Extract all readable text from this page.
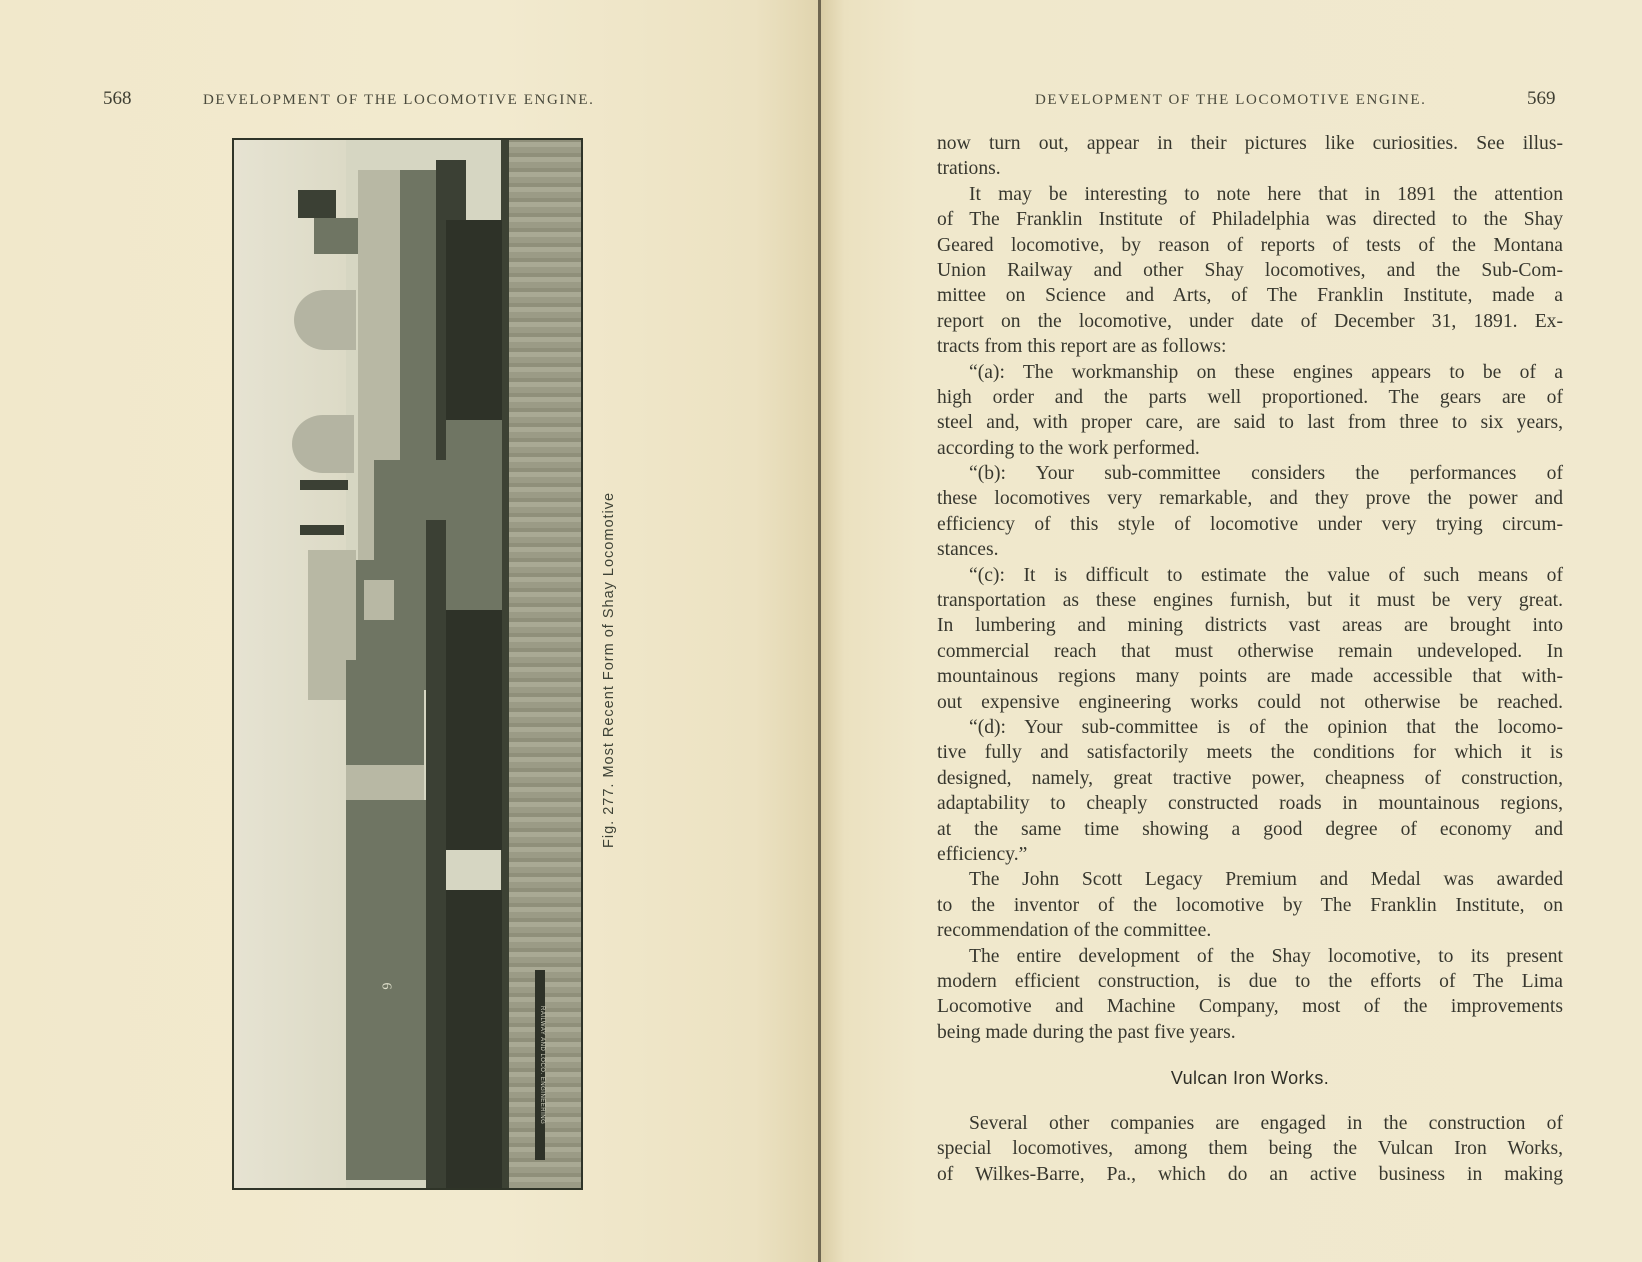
568	DEVELOPMENT OF THE LOCOMOTIVE ENGINE.
6
RAILWAY AND LOCO. ENGINEERING
Fig. 277. Most Recent Form of Shay Locomotive
DEVELOPMENT OF THE LOCOMOTIVE ENGINE.	569
now turn out, appear in their pictures like curiosities. See illus-
trations.
It may be interesting to note here that in 1891 the attention
of The Franklin Institute of Philadelphia was directed to the Shay
Geared locomotive, by reason of reports of tests of the Montana
Union Railway and other Shay locomotives, and the Sub-Com-
mittee on Science and Arts, of The Franklin Institute, made a
report on the locomotive, under date of December 31, 1891. Ex-
tracts from this report are as follows:
“(a): The workmanship on these engines appears to be of a
high order and the parts well proportioned. The gears are of
steel and, with proper care, are said to last from three to six years,
according to the work performed.
“(b): Your sub-committee considers the performances of
these locomotives very remarkable, and they prove the power and
efficiency of this style of locomotive under very trying circum-
stances.
“(c): It is difficult to estimate the value of such means of
transportation as these engines furnish, but it must be very great.
In lumbering and mining districts vast areas are brought into
commercial reach that must otherwise remain undeveloped. In
mountainous regions many points are made accessible that with-
out expensive engineering works could not otherwise be reached.
“(d): Your sub-committee is of the opinion that the locomo-
tive fully and satisfactorily meets the conditions for which it is
designed, namely, great tractive power, cheapness of construction,
adaptability to cheaply constructed roads in mountainous regions,
at the same time showing a good degree of economy and
efficiency.”
The John Scott Legacy Premium and Medal was awarded
to the inventor of the locomotive by The Franklin Institute, on
recommendation of the committee.
The entire development of the Shay locomotive, to its present
modern efficient construction, is due to the efforts of The Lima
Locomotive and Machine Company, most of the improvements
being made during the past five years.
Vulcan Iron Works.
Several other companies are engaged in the construction of
special locomotives, among them being the Vulcan Iron Works,
of Wilkes-Barre, Pa., which do an active business in making
